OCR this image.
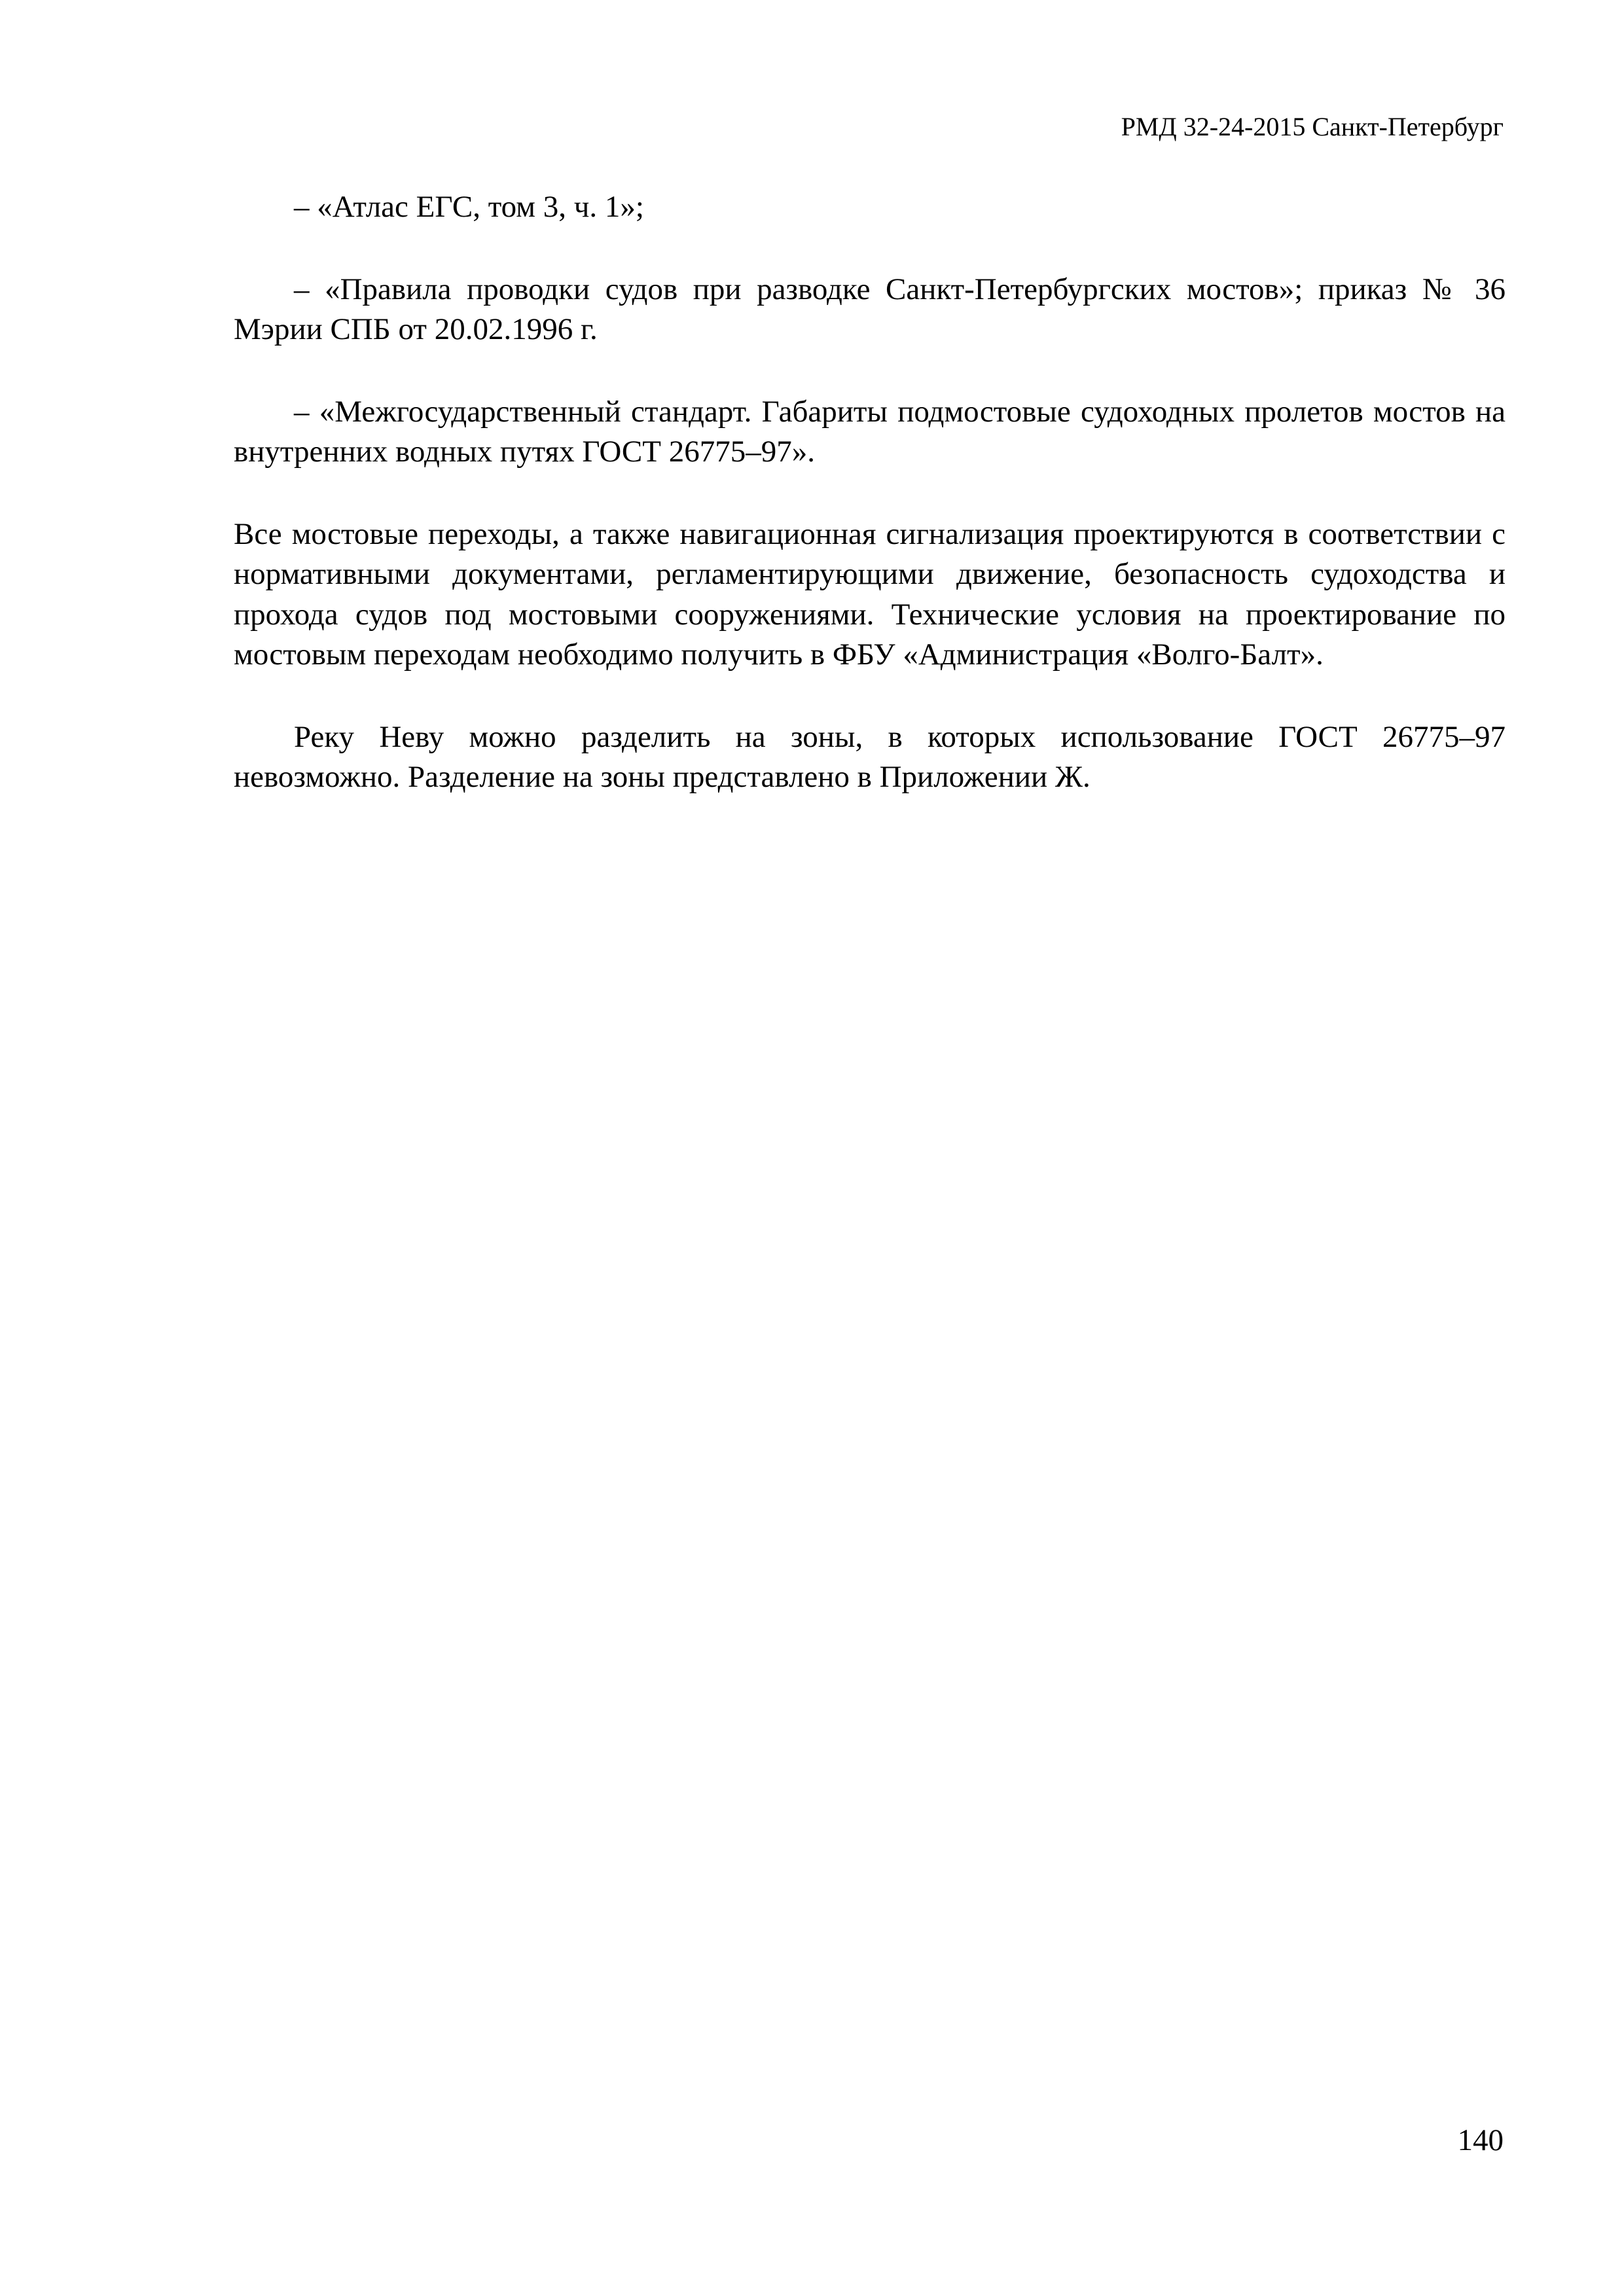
РМД 32-24-2015 Санкт-Петербург

– «Атлас ЕГС, том 3, ч. 1»;

– «Правила проводки судов при разводке Санкт-Петербургских мостов»; приказ № 36 Мэрии СПБ от 20.02.1996 г.

– «Межгосударственный стандарт. Габариты подмостовые судоходных пролетов мостов на внутренних водных путях ГОСТ 26775–97».

Все мостовые переходы, а также навигационная сигнализация проектируются в соответствии с нормативными документами, регламентирующими движение, безопасность судоходства и прохода судов под мостовыми сооружениями. Технические условия на проектирование по мостовым переходам необходимо получить в ФБУ «Администрация «Волго-Балт».

Реку Неву можно разделить на зоны, в которых использование ГОСТ 26775–97 невозможно. Разделение на зоны представлено в Приложении Ж.

140
